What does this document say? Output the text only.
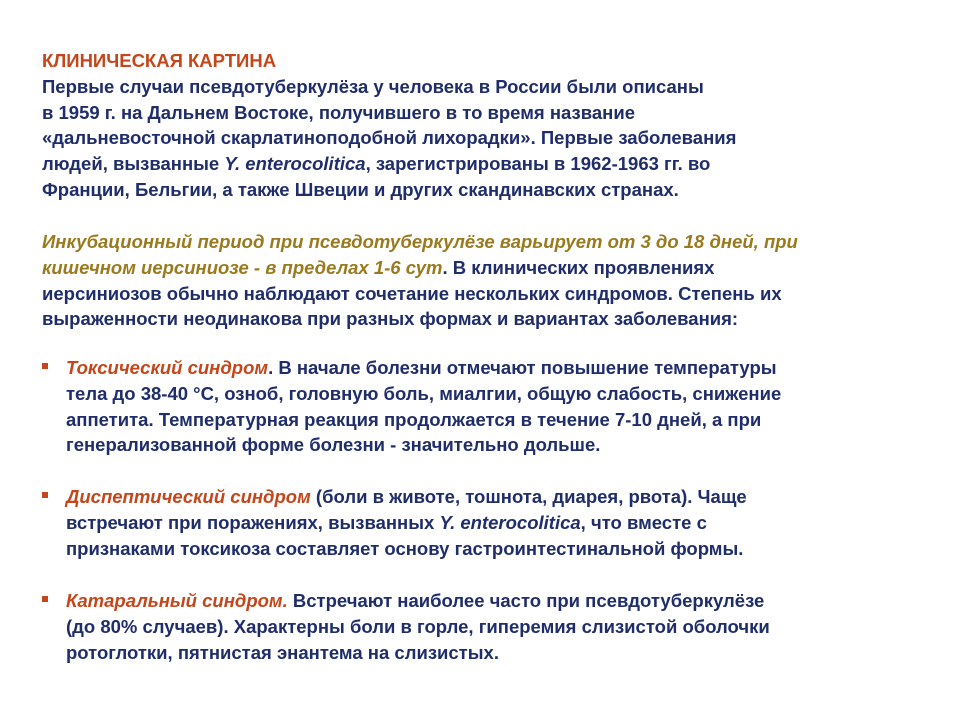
КЛИНИЧЕСКАЯ КАРТИНА
Первые случаи псевдотуберкулёза у человека в России были описаны
в 1959 г. на Дальнем Востоке, получившего в то время название
«дальневосточной скарлатиноподобной лихорадки». Первые заболевания
людей, вызванные Y. enterocolitica, зарегистрированы в 1962-1963 гг. во
Франции, Бельгии, а также Швеции и других скандинавских странах.
Инкубационный период при псевдотуберкулёзе варьирует от 3 до 18 дней, при
кишечном иерсиниозе - в пределах 1-6 сут. В клинических проявлениях
иерсиниозов обычно наблюдают сочетание нескольких синдромов. Степень их
выраженности неодинакова при разных формах и вариантах заболевания:
Токсический синдром. В начале болезни отмечают повышение температуры
тела до 38-40 °С, озноб, головную боль, миалгии, общую слабость, снижение
аппетита. Температурная реакция продолжается в течение 7-10 дней, а при
генерализованной форме болезни - значительно дольше.
Диспептический синдром (боли в животе, тошнота, диарея, рвота). Чаще
встречают при поражениях, вызванных Y. enterocolitica, что вместе с
признаками токсикоза составляет основу гастроинтестинальной формы.
Катаральный синдром. Встречают наиболее часто при псевдотуберкулёзе
(до 80% случаев). Характерны боли в горле, гиперемия слизистой оболочки
ротоглотки, пятнистая энантема на слизистых.
